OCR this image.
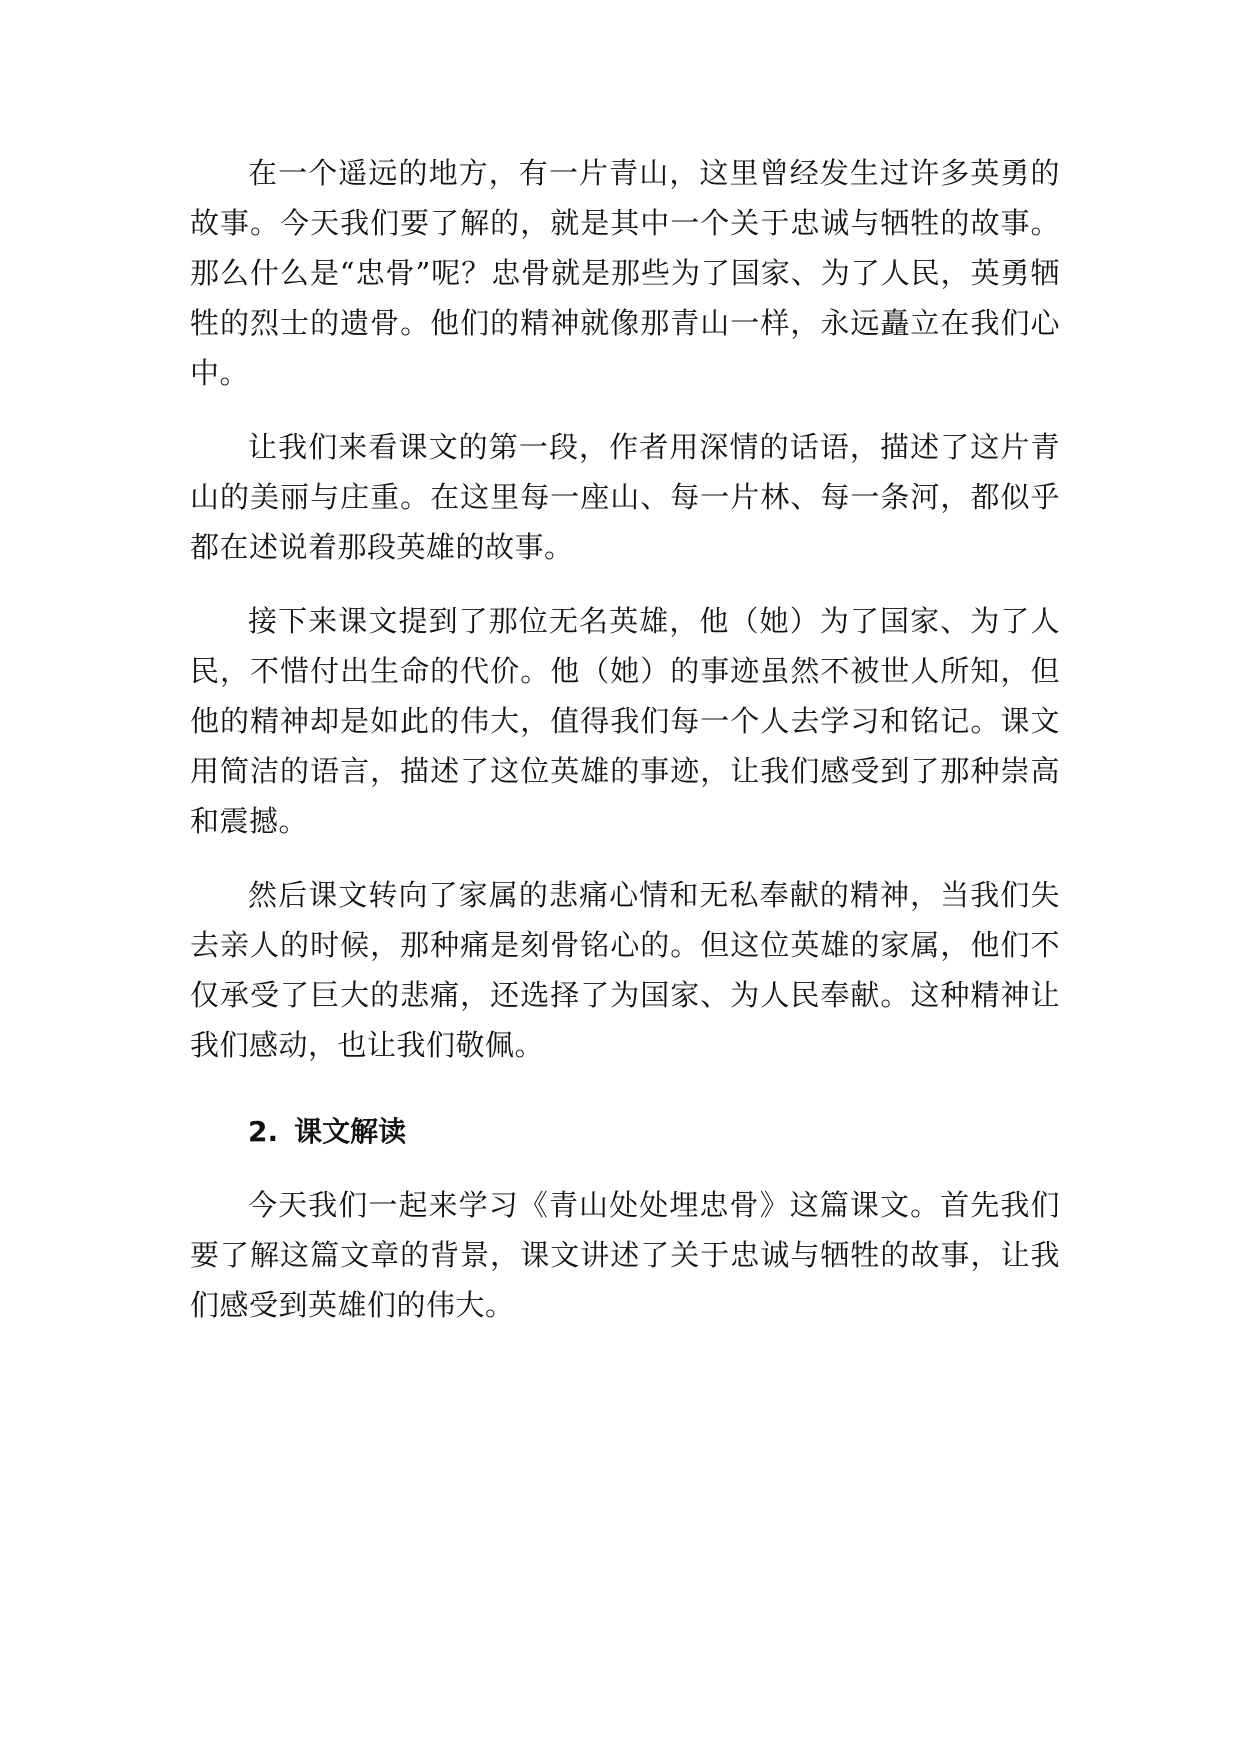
在一个遥远的地方，有一片青山，这里曾经发生过许多英勇的故事。今天我们要了解的，就是其中一个关于忠诚与牺牲的故事。那么什么是“忠骨”呢？忠骨就是那些为了国家、为了人民，英勇牺牲的烈士的遗骨。他们的精神就像那青山一样，永远矗立在我们心中。

让我们来看课文的第一段，作者用深情的话语，描述了这片青山的美丽与庄重。在这里每一座山、每一片林、每一条河，都似乎都在述说着那段英雄的故事。

接下来课文提到了那位无名英雄，他（她）为了国家、为了人民，不惜付出生命的代价。他（她）的事迹虽然不被世人所知，但他的精神却是如此的伟大，值得我们每一个人去学习和铭记。课文用简洁的语言，描述了这位英雄的事迹，让我们感受到了那种崇高和震撼。

然后课文转向了家属的悲痛心情和无私奉献的精神，当我们失去亲人的时候，那种痛是刻骨铭心的。但这位英雄的家属，他们不仅承受了巨大的悲痛，还选择了为国家、为人民奉献。这种精神让我们感动，也让我们敬佩。

2. 课文解读

今天我们一起来学习《青山处处埋忠骨》这篇课文。首先我们要了解这篇文章的背景，课文讲述了关于忠诚与牺牲的故事，让我们感受到英雄们的伟大。
